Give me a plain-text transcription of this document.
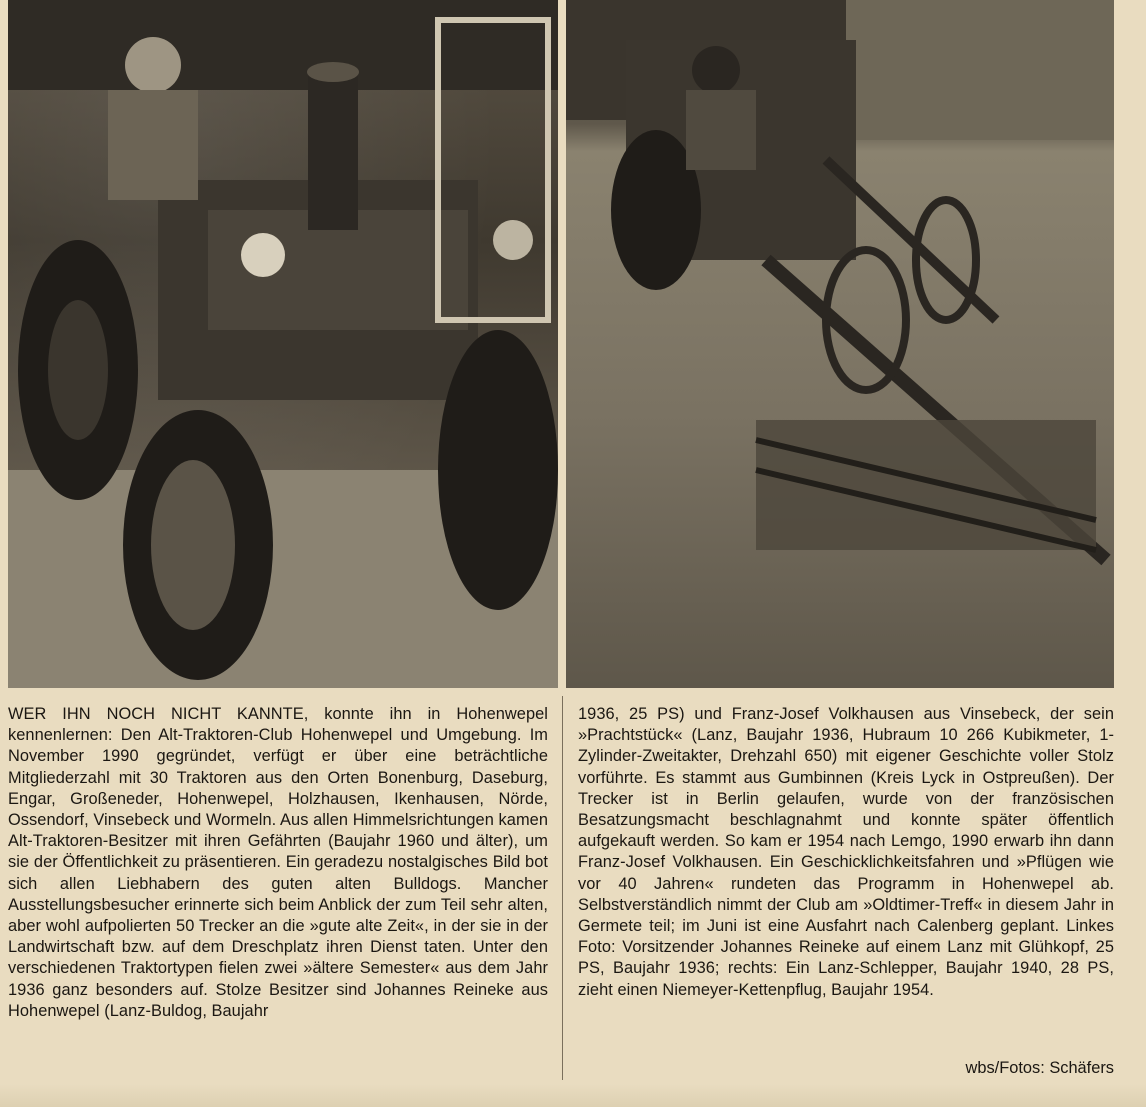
WER IHN NOCH NICHT KANNTE, konnte ihn in Hohenwepel kennenlernen: Den Alt-Traktoren-Club Hohenwepel und Umgebung. Im November 1990 gegründet, verfügt er über eine beträchtliche Mitgliederzahl mit 30 Traktoren aus den Orten Bonenburg, Daseburg, Engar, Großeneder, Hohenwepel, Holzhausen, Ikenhausen, Nörde, Ossendorf, Vinsebeck und Wormeln. Aus allen Himmelsrichtungen kamen Alt-Traktoren-Besitzer mit ihren Gefährten (Baujahr 1960 und älter), um sie der Öffentlichkeit zu präsentieren. Ein geradezu nostalgisches Bild bot sich allen Liebhabern des guten alten Bulldogs. Mancher Ausstellungsbesucher erinnerte sich beim Anblick der zum Teil sehr alten, aber wohl aufpolierten 50 Trecker an die »gute alte Zeit«, in der sie in der Landwirtschaft bzw. auf dem Dreschplatz ihren Dienst taten. Unter den verschiedenen Traktortypen fielen zwei »ältere Semester« aus dem Jahr 1936 ganz besonders auf. Stolze Besitzer sind Johannes Reineke aus Hohenwepel (Lanz-Buldog, Baujahr
1936, 25 PS) und Franz-Josef Volkhausen aus Vinsebeck, der sein »Prachtstück« (Lanz, Baujahr 1936, Hubraum 10 266 Kubikmeter, 1-Zylinder-Zweitakter, Drehzahl 650) mit eigener Geschichte voller Stolz vorführte. Es stammt aus Gumbinnen (Kreis Lyck in Ostpreußen). Der Trecker ist in Berlin gelaufen, wurde von der französischen Besatzungsmacht beschlagnahmt und konnte später öffentlich aufgekauft werden. So kam er 1954 nach Lemgo, 1990 erwarb ihn dann Franz-Josef Volkhausen. Ein Geschicklichkeitsfahren und »Pflügen wie vor 40 Jahren« rundeten das Programm in Hohenwepel ab. Selbstverständlich nimmt der Club am »Oldtimer-Treff« in diesem Jahr in Germete teil; im Juni ist eine Ausfahrt nach Calenberg geplant. Linkes Foto: Vorsitzender Johannes Reineke auf einem Lanz mit Glühkopf, 25 PS, Baujahr 1936; rechts: Ein Lanz-Schlepper, Baujahr 1940, 28 PS, zieht einen Niemeyer-Kettenpflug, Baujahr 1954.
wbs/Fotos: Schäfers
